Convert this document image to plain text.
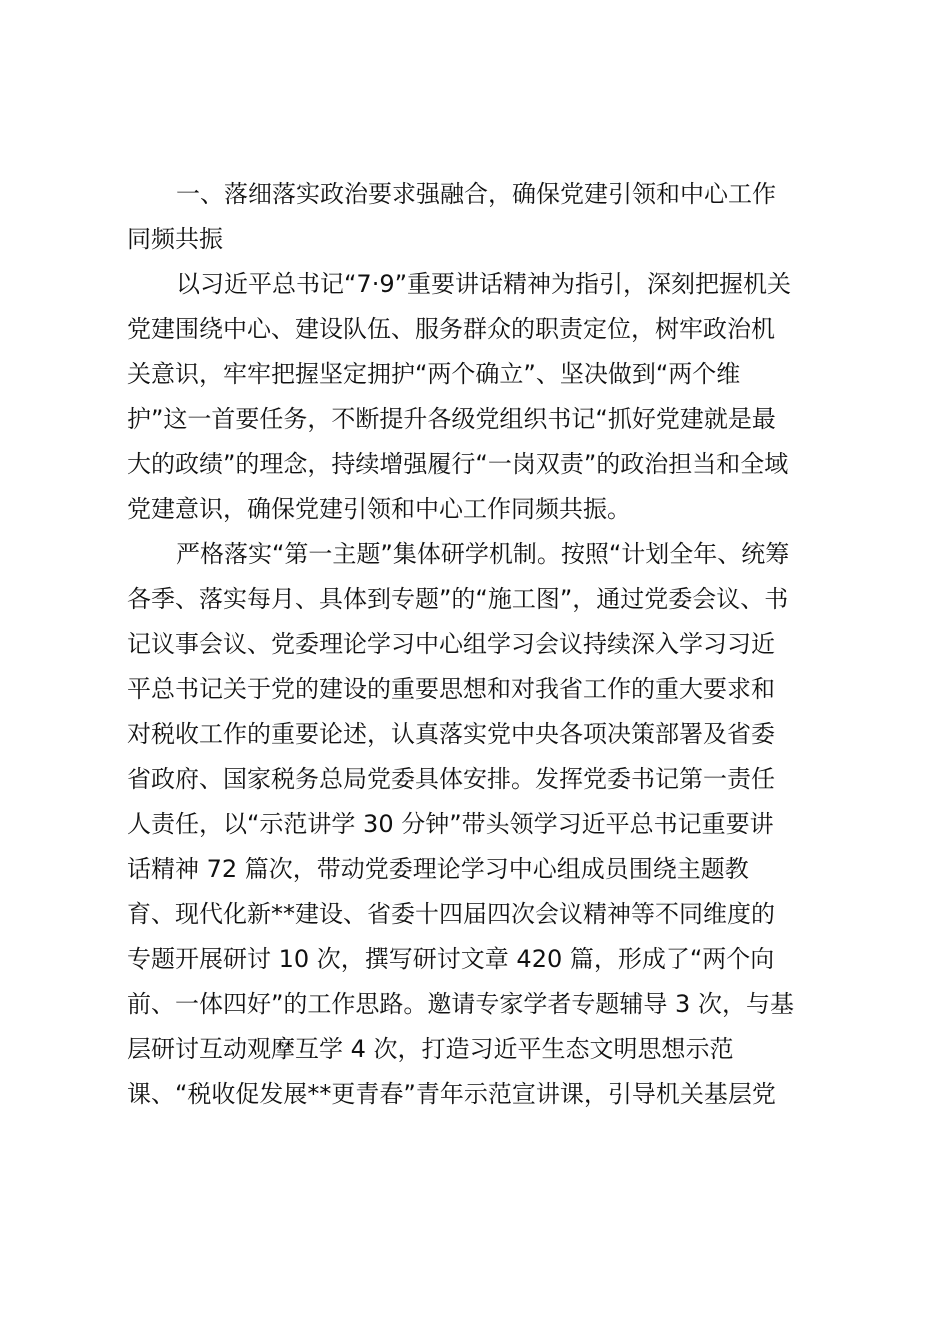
一、落细落实政治要求强融合，确保党建引领和中心工作
同频共振
以习近平总书记“7·9”重要讲话精神为指引，深刻把握机关
党建围绕中心、建设队伍、服务群众的职责定位，树牢政治机
关意识，牢牢把握坚定拥护“两个确立”、坚决做到“两个维
护”这一首要任务，不断提升各级党组织书记“抓好党建就是最
大的政绩”的理念，持续增强履行“一岗双责”的政治担当和全域
党建意识，确保党建引领和中心工作同频共振。
严格落实“第一主题”集体研学机制。按照“计划全年、统筹
各季、落实每月、具体到专题”的“施工图”，通过党委会议、书
记议事会议、党委理论学习中心组学习会议持续深入学习习近
平总书记关于党的建设的重要思想和对我省工作的重大要求和
对税收工作的重要论述，认真落实党中央各项决策部署及省委
省政府、国家税务总局党委具体安排。发挥党委书记第一责任
人责任，以“示范讲学 30 分钟”带头领学习近平总书记重要讲
话精神 72 篇次，带动党委理论学习中心组成员围绕主题教
育、现代化新**建设、省委十四届四次会议精神等不同维度的
专题开展研讨 10 次，撰写研讨文章 420 篇，形成了“两个向
前、一体四好”的工作思路。邀请专家学者专题辅导 3 次，与基
层研讨互动观摩互学 4 次，打造习近平生态文明思想示范
课、“税收促发展**更青春”青年示范宣讲课，引导机关基层党
